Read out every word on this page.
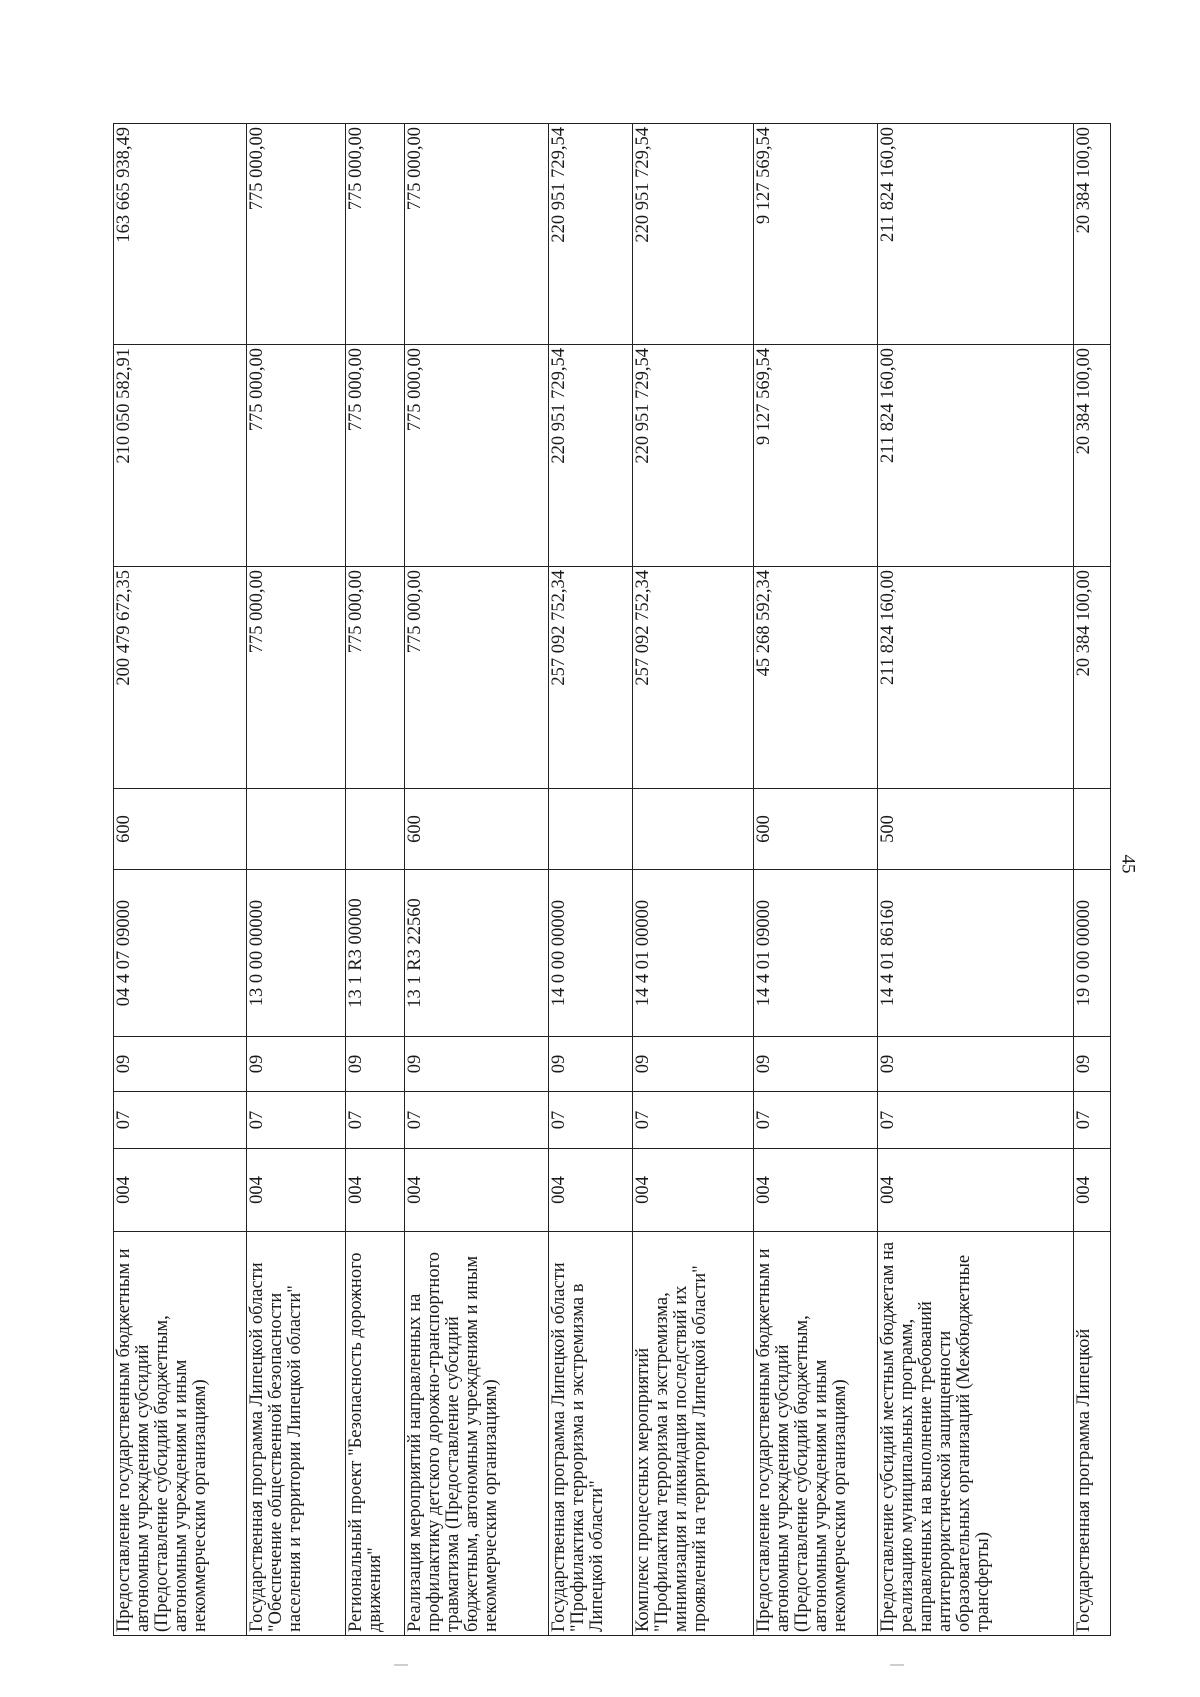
45
Предоставление государственным бюджетным и автономным учреждениям субсидий (Предоставление субсидий бюджетным, автономным учреждениям и иным некоммерческим организациям)	004	07	09	04 4 07 09000	600	200 479 672,35	210 050 582,91	163 665 938,49
Государственная программа Липецкой области "Обеспечение общественной безопасности населения и территории Липецкой области"	004	07	09	13 0 00 00000		775 000,00	775 000,00	775 000,00
Региональный проект "Безопасность дорожного движения"	004	07	09	13 1 R3 00000		775 000,00	775 000,00	775 000,00
Реализация мероприятий направленных на профилактику детского дорожно-транспортного травматизма (Предоставление субсидий бюджетным, автономным учреждениям и иным некоммерческим организациям)	004	07	09	13 1 R3 22560	600	775 000,00	775 000,00	775 000,00
Государственная программа Липецкой области "Профилактика терроризма и экстремизма в Липецкой области"	004	07	09	14 0 00 00000		257 092 752,34	220 951 729,54	220 951 729,54
Комплекс процессных мероприятий "Профилактика терроризма и экстремизма, минимизация и ликвидация последствий их проявлений на территории Липецкой области"	004	07	09	14 4 01 00000		257 092 752,34	220 951 729,54	220 951 729,54
Предоставление государственным бюджетным и автономным учреждениям субсидий (Предоставление субсидий бюджетным, автономным учреждениям и иным некоммерческим организациям)	004	07	09	14 4 01 09000	600	45 268 592,34	9 127 569,54	9 127 569,54
Предоставление субсидий местным бюджетам на реализацию муниципальных программ, направленных на выполнение требований антитеррористической защищенности образовательных организаций (Межбюджетные трансферты)	004	07	09	14 4 01 86160	500	211 824 160,00	211 824 160,00	211 824 160,00
Государственная программа Липецкой	004	07	09	19 0 00 00000		20 384 100,00	20 384 100,00	20 384 100,00
